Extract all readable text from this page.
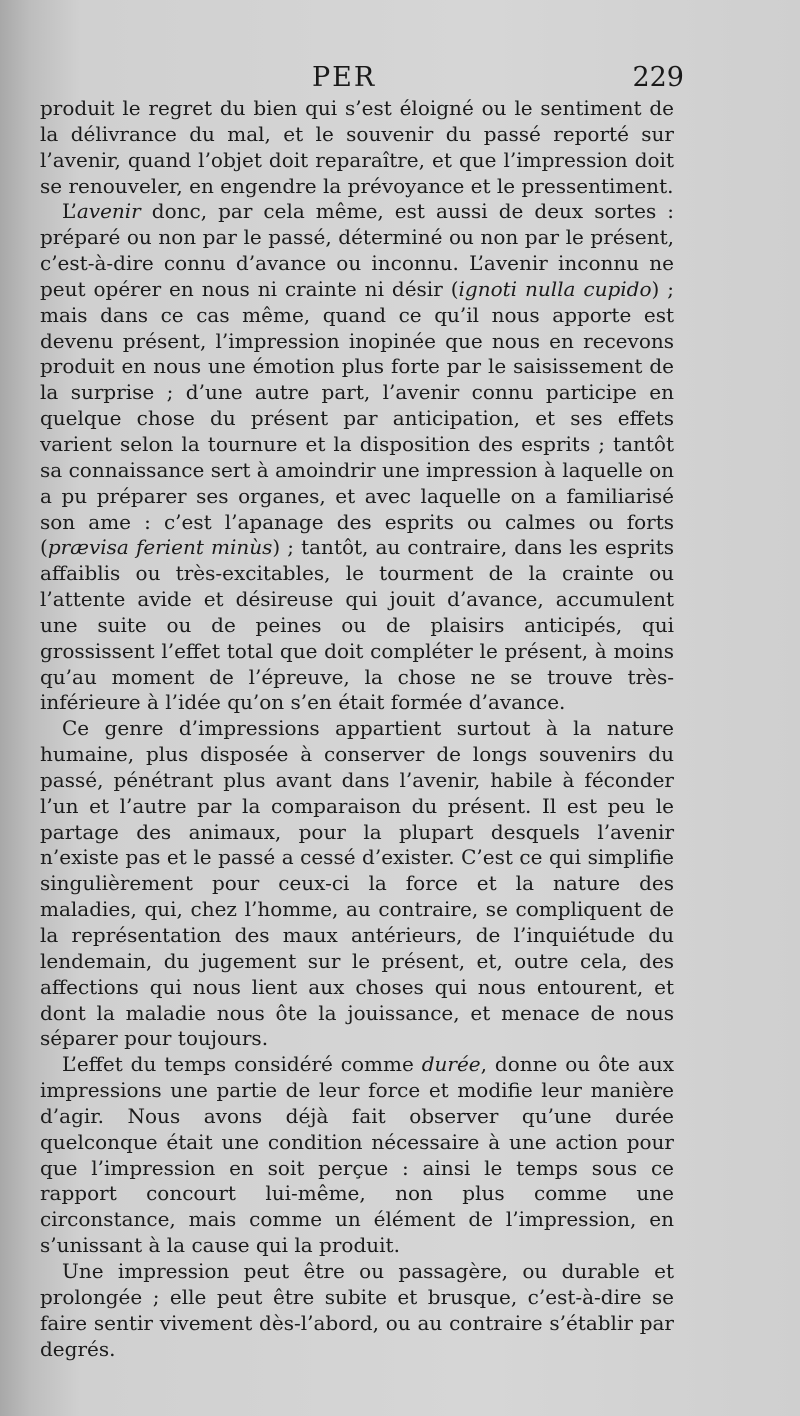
PER	229

produit le regret du bien qui s’est éloigné ou le sentiment de la délivrance du mal, et le souvenir du passé reporté sur l’avenir, quand l’objet doit reparaître, et que l’impression doit se renouveler, en engendre la prévoyance et le pressentiment.

L’avenir donc, par cela même, est aussi de deux sortes : préparé ou non par le passé, déterminé ou non par le présent, c’est-à-dire connu d’avance ou inconnu. L’avenir inconnu ne peut opérer en nous ni crainte ni désir (ignoti nulla cupido) ; mais dans ce cas même, quand ce qu’il nous apporte est devenu présent, l’impression inopinée que nous en recevons produit en nous une émotion plus forte par le saisissement de la surprise ; d’une autre part, l’avenir connu participe en quelque chose du présent par anticipation, et ses effets varient selon la tournure et la disposition des esprits ; tantôt sa connaissance sert à amoindrir une impression à laquelle on a pu préparer ses organes, et avec laquelle on a familiarisé son ame : c’est l’apanage des esprits ou calmes ou forts (prævisa ferient minùs) ; tantôt, au contraire, dans les esprits affaiblis ou très-excitables, le tourment de la crainte ou l’attente avide et désireuse qui jouit d’avance, accumulent une suite ou de peines ou de plaisirs anticipés, qui grossissent l’effet total que doit compléter le présent, à moins qu’au moment de l’épreuve, la chose ne se trouve très-inférieure à l’idée qu’on s’en était formée d’avance.

Ce genre d’impressions appartient surtout à la nature humaine, plus disposée à conserver de longs souvenirs du passé, pénétrant plus avant dans l’avenir, habile à féconder l’un et l’autre par la comparaison du présent. Il est peu le partage des animaux, pour la plupart desquels l’avenir n’existe pas et le passé a cessé d’exister. C’est ce qui simplifie singulièrement pour ceux-ci la force et la nature des maladies, qui, chez l’homme, au contraire, se compliquent de la représentation des maux antérieurs, de l’inquiétude du lendemain, du jugement sur le présent, et, outre cela, des affections qui nous lient aux choses qui nous entourent, et dont la maladie nous ôte la jouissance, et menace de nous séparer pour toujours.

L’effet du temps considéré comme durée, donne ou ôte aux impressions une partie de leur force et modifie leur manière d’agir. Nous avons déjà fait observer qu’une durée quelconque était une condition nécessaire à une action pour que l’impression en soit perçue : ainsi le temps sous ce rapport concourt lui-même, non plus comme une circonstance, mais comme un élément de l’impression, en s’unissant à la cause qui la produit.

Une impression peut être ou passagère, ou durable et prolongée ; elle peut être subite et brusque, c’est-à-dire se faire sentir vivement dès-l’abord, ou au contraire s’établir par degrés.
